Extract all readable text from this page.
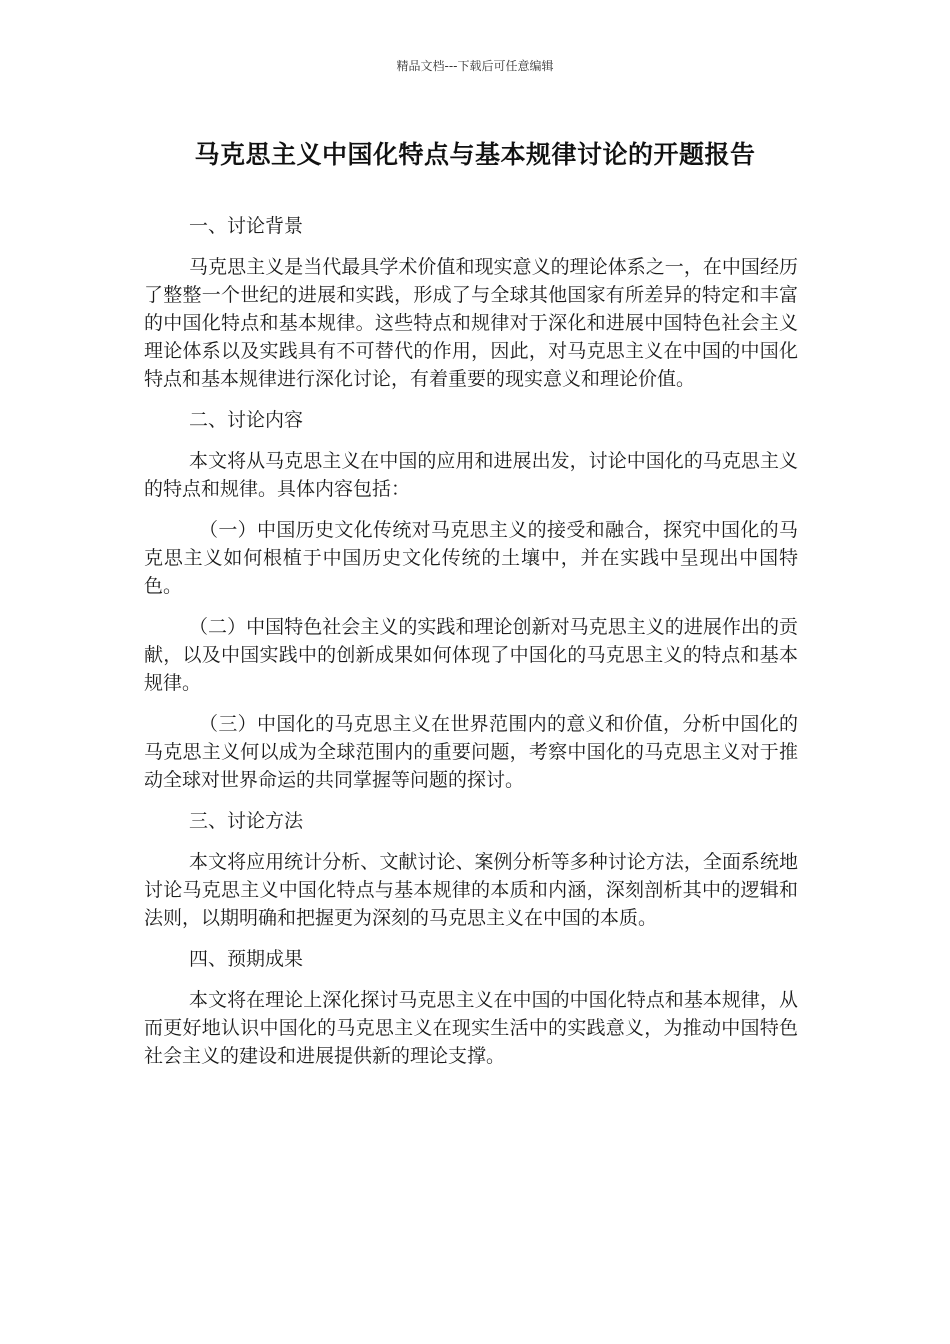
精品文档---下载后可任意编辑
马克思主义中国化特点与基本规律讨论的开题报告
一、讨论背景
马克思主义是当代最具学术价值和现实意义的理论体系之一，在中国经历了整整一个世纪的进展和实践，形成了与全球其他国家有所差异的特定和丰富的中国化特点和基本规律。这些特点和规律对于深化和进展中国特色社会主义理论体系以及实践具有不可替代的作用，因此，对马克思主义在中国的中国化特点和基本规律进行深化讨论，有着重要的现实意义和理论价值。
二、讨论内容
本文将从马克思主义在中国的应用和进展出发，讨论中国化的马克思主义的特点和规律。具体内容包括：
（一）中国历史文化传统对马克思主义的接受和融合，探究中国化的马克思主义如何根植于中国历史文化传统的土壤中，并在实践中呈现出中国特色。
（二）中国特色社会主义的实践和理论创新对马克思主义的进展作出的贡献，以及中国实践中的创新成果如何体现了中国化的马克思主义的特点和基本规律。
（三）中国化的马克思主义在世界范围内的意义和价值，分析中国化的马克思主义何以成为全球范围内的重要问题，考察中国化的马克思主义对于推动全球对世界命运的共同掌握等问题的探讨。
三、讨论方法
本文将应用统计分析、文献讨论、案例分析等多种讨论方法，全面系统地讨论马克思主义中国化特点与基本规律的本质和内涵，深刻剖析其中的逻辑和法则，以期明确和把握更为深刻的马克思主义在中国的本质。
四、预期成果
本文将在理论上深化探讨马克思主义在中国的中国化特点和基本规律，从而更好地认识中国化的马克思主义在现实生活中的实践意义，为推动中国特色社会主义的建设和进展提供新的理论支撑。
